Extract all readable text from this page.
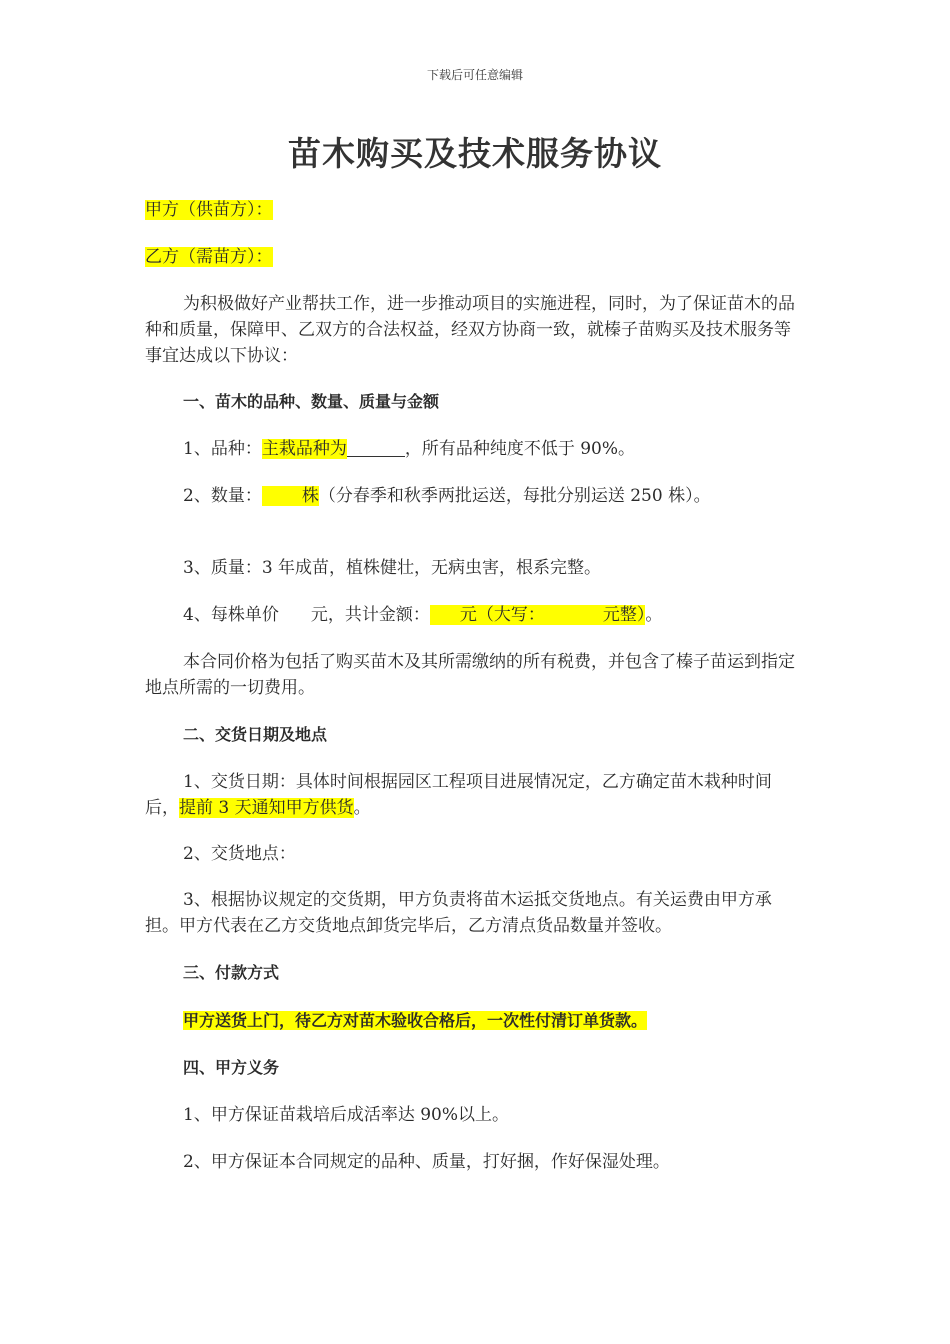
下载后可任意编辑
苗木购买及技术服务协议
甲方（供苗方）：
乙方（需苗方）：
为积极做好产业帮扶工作，进一步推动项目的实施进程，同时，为了保证苗木的品种和质量，保障甲、乙双方的合法权益，经双方协商一致，就榛子苗购买及技术服务等事宜达成以下协议：
一、苗木的品种、数量、质量与金额
1、品种：主栽品种为	，所有品种纯度不低于 90%。
2、数量： 株（分春季和秋季两批运送，每批分别运送 250 株）。
3、质量：3 年成苗，植株健壮，无病虫害，根系完整。
4、每株单价 元，共计金额： 元（大写：	元整）。
本合同价格为包括了购买苗木及其所需缴纳的所有税费，并包含了榛子苗运到指定地点所需的一切费用。
二、交货日期及地点
1、交货日期：具体时间根据园区工程项目进展情况定，乙方确定苗木栽种时间后，提前 3 天通知甲方供货。
2、交货地点：
3、根据协议规定的交货期，甲方负责将苗木运抵交货地点。有关运费由甲方承担。甲方代表在乙方交货地点卸货完毕后，乙方清点货品数量并签收。
三、付款方式
甲方送货上门，待乙方对苗木验收合格后，一次性付清订单货款。
四、甲方义务
1、甲方保证苗栽培后成活率达 90%以上。
2、甲方保证本合同规定的品种、质量，打好捆，作好保湿处理。
